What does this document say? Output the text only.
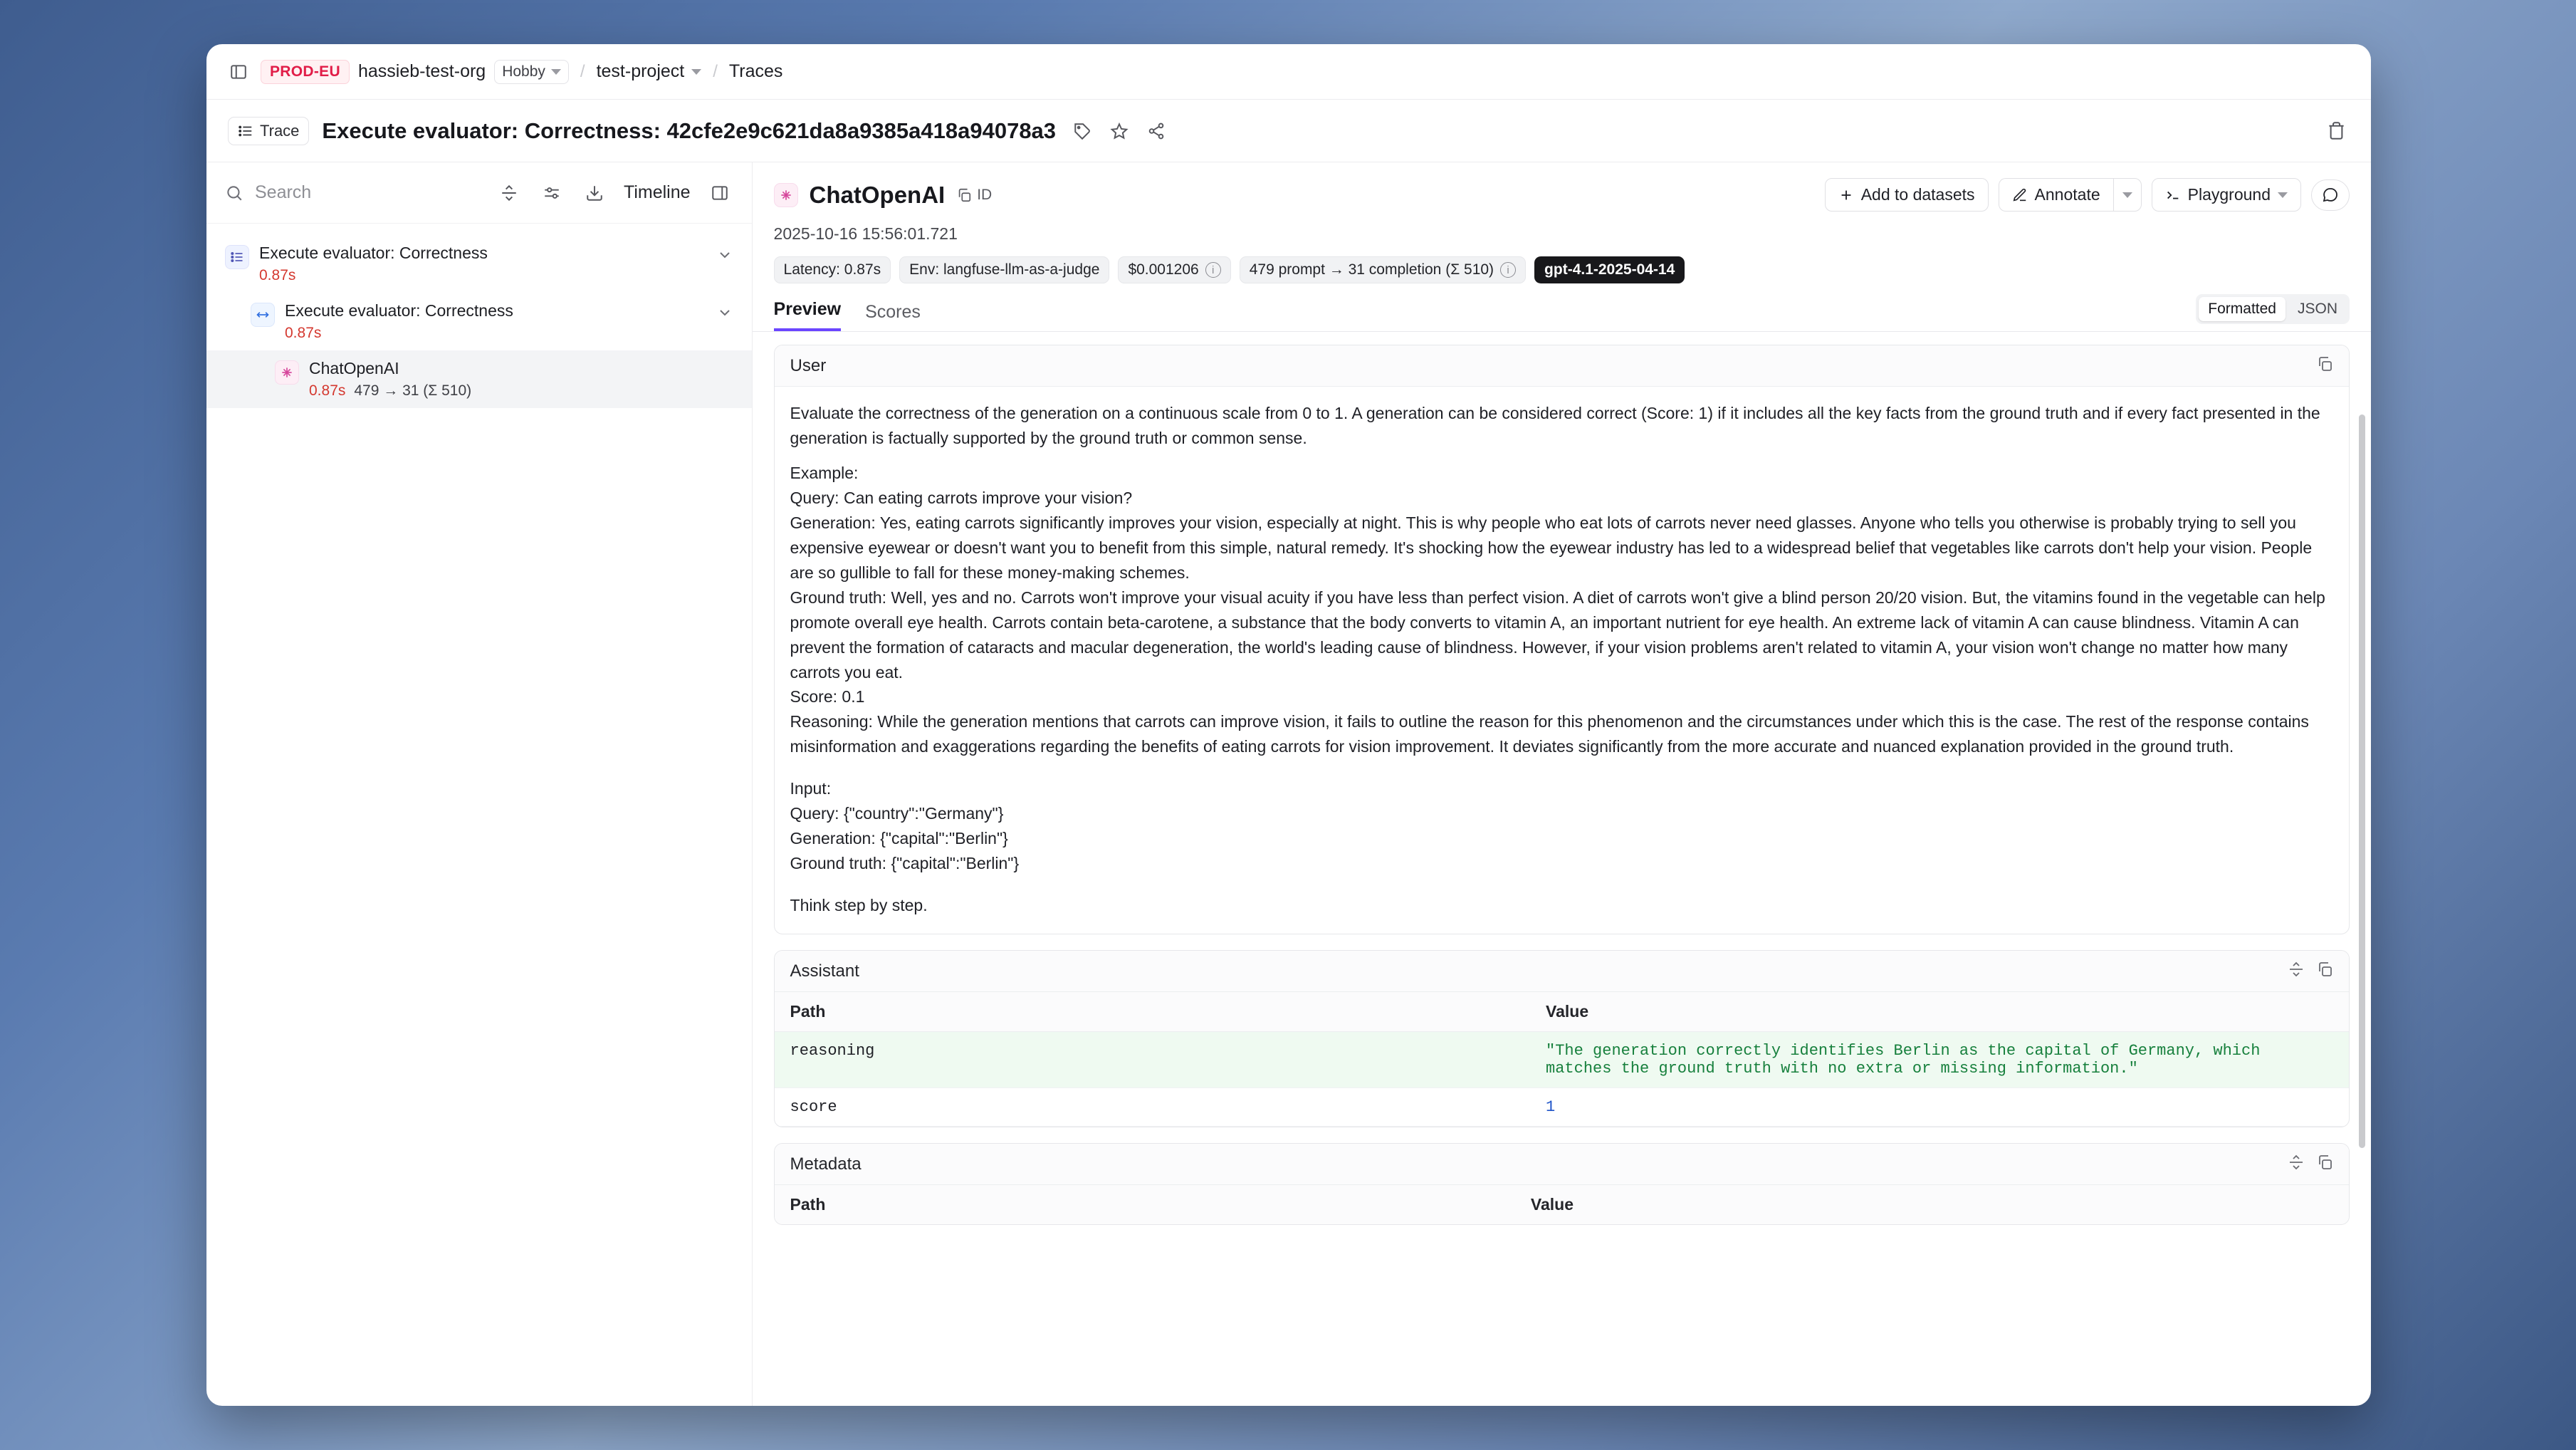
PROD-EU	hassieb-test-org Hobby / test-project / Traces
Trace Execute evaluator: Correctness: 42cfe2e9c621da8a9385a418a94078a3
Search
Timeline
Execute evaluator: Correctness
0.87s
Execute evaluator: Correctness
0.87s
ChatOpenAI
0.87s 479 → 31 (Σ 510)
ChatOpenAI ID	Add to datasets	Annotate	Playground
2025-10-16 15:56:01.721
Latency: 0.87s Env: langfuse-llm-as-a-judge $0.001206	i	479 prompt → 31 completion (Σ 510)	i	gpt-4.1-2025-04-14
Preview Scores	Formatted	JSON
User

Evaluate the correctness of the generation on a continuous scale from 0 to 1. A generation can be considered correct (Score: 1) if it includes all the key facts from the ground truth and if every fact presented in the generation is factually supported by the ground truth or common sense.

Example:

Query: Can eating carrots improve your vision?

Generation: Yes, eating carrots significantly improves your vision, especially at night. This is why people who eat lots of carrots never need glasses. Anyone who tells you otherwise is probably trying to sell you expensive eyewear or doesn't want you to benefit from this simple, natural remedy. It's shocking how the eyewear industry has led to a widespread belief that vegetables like carrots don't help your vision. People are so gullible to fall for these money-making schemes.

Ground truth: Well, yes and no. Carrots won't improve your visual acuity if you have less than perfect vision. A diet of carrots won't give a blind person 20/20 vision. But, the vitamins found in the vegetable can help promote overall eye health. Carrots contain beta-carotene, a substance that the body converts to vitamin A, an important nutrient for eye health. An extreme lack of vitamin A can cause blindness. Vitamin A can prevent the formation of cataracts and macular degeneration, the world's leading cause of blindness. However, if your vision problems aren't related to vitamin A, your vision won't change no matter how many carrots you eat.

Score: 0.1

Reasoning: While the generation mentions that carrots can improve vision, it fails to outline the reason for this phenomenon and the circumstances under which this is the case. The rest of the response contains misinformation and exaggerations regarding the benefits of eating carrots for vision improvement. It deviates significantly from the more accurate and nuanced explanation provided in the ground truth.

Input:

Query: {"country":"Germany"}

Generation: {"capital":"Berlin"}

Ground truth: {"capital":"Berlin"}

Think step by step.

Assistant
Path	Value
reasoning	"The generation correctly identifies Berlin as the capital of Germany, which matches the ground truth with no extra or missing information."
score	1
Metadata
Path	Value
